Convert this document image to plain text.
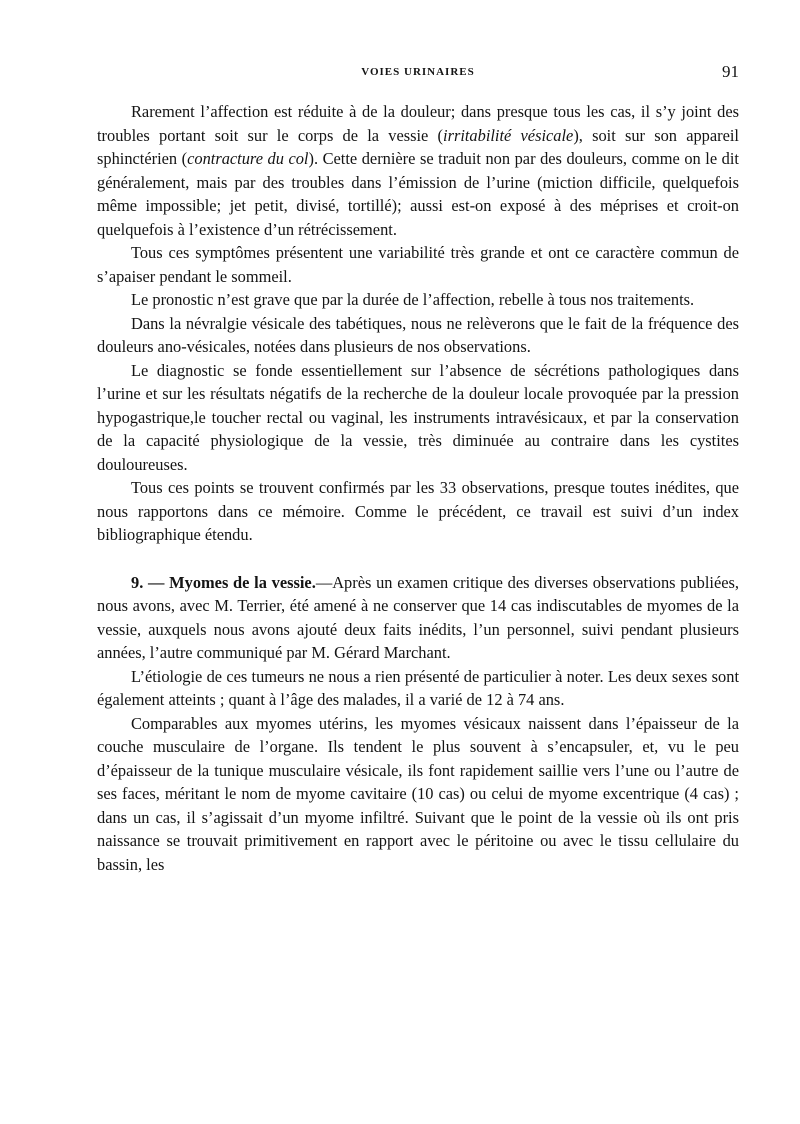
VOIES URINAIRES	91

Rarement l’affection est réduite à de la douleur; dans presque tous les cas, il s’y joint des troubles portant soit sur le corps de la vessie (irritabilité vésicale), soit sur son appareil sphinctérien (contracture du col). Cette dernière se traduit non par des douleurs, comme on le dit généralement, mais par des troubles dans l’émission de l’urine (miction difficile, quelquefois même impossible; jet petit, divisé, tortillé); aussi est-on exposé à des méprises et croit-on quelquefois à l’existence d’un rétrécissement.

Tous ces symptômes présentent une variabilité très grande et ont ce caractère commun de s’apaiser pendant le sommeil.

Le pronostic n’est grave que par la durée de l’affection, rebelle à tous nos traitements.

Dans la névralgie vésicale des tabétiques, nous ne relèverons que le fait de la fréquence des douleurs ano-vésicales, notées dans plusieurs de nos observations.

Le diagnostic se fonde essentiellement sur l’absence de sécrétions pathologiques dans l’urine et sur les résultats négatifs de la recherche de la douleur locale provoquée par la pression hypogastrique,le toucher rectal ou vaginal, les instruments intravésicaux, et par la conservation de la capacité physiologique de la vessie, très diminuée au contraire dans les cystites douloureuses.

Tous ces points se trouvent confirmés par les 33 observations, presque toutes inédites, que nous rapportons dans ce mémoire. Comme le précédent, ce travail est suivi d’un index bibliographique étendu.

9. — Myomes de la vessie.—Après un examen critique des diverses observations publiées, nous avons, avec M. Terrier, été amené à ne conserver que 14 cas indiscutables de myomes de la vessie, auxquels nous avons ajouté deux faits inédits, l’un personnel, suivi pendant plusieurs années, l’autre communiqué par M. Gérard Marchant.

L’étiologie de ces tumeurs ne nous a rien présenté de particulier à noter. Les deux sexes sont également atteints ; quant à l’âge des malades, il a varié de 12 à 74 ans.

Comparables aux myomes utérins, les myomes vésicaux naissent dans l’épaisseur de la couche musculaire de l’organe. Ils tendent le plus souvent à s’encapsuler, et, vu le peu d’épaisseur de la tunique musculaire vésicale, ils font rapidement saillie vers l’une ou l’autre de ses faces, méritant le nom de myome cavitaire (10 cas) ou celui de myome excentrique (4 cas) ; dans un cas, il s’agissait d’un myome infiltré. Suivant que le point de la vessie où ils ont pris naissance se trouvait primitivement en rapport avec le péritoine ou avec le tissu cellulaire du bassin, les
